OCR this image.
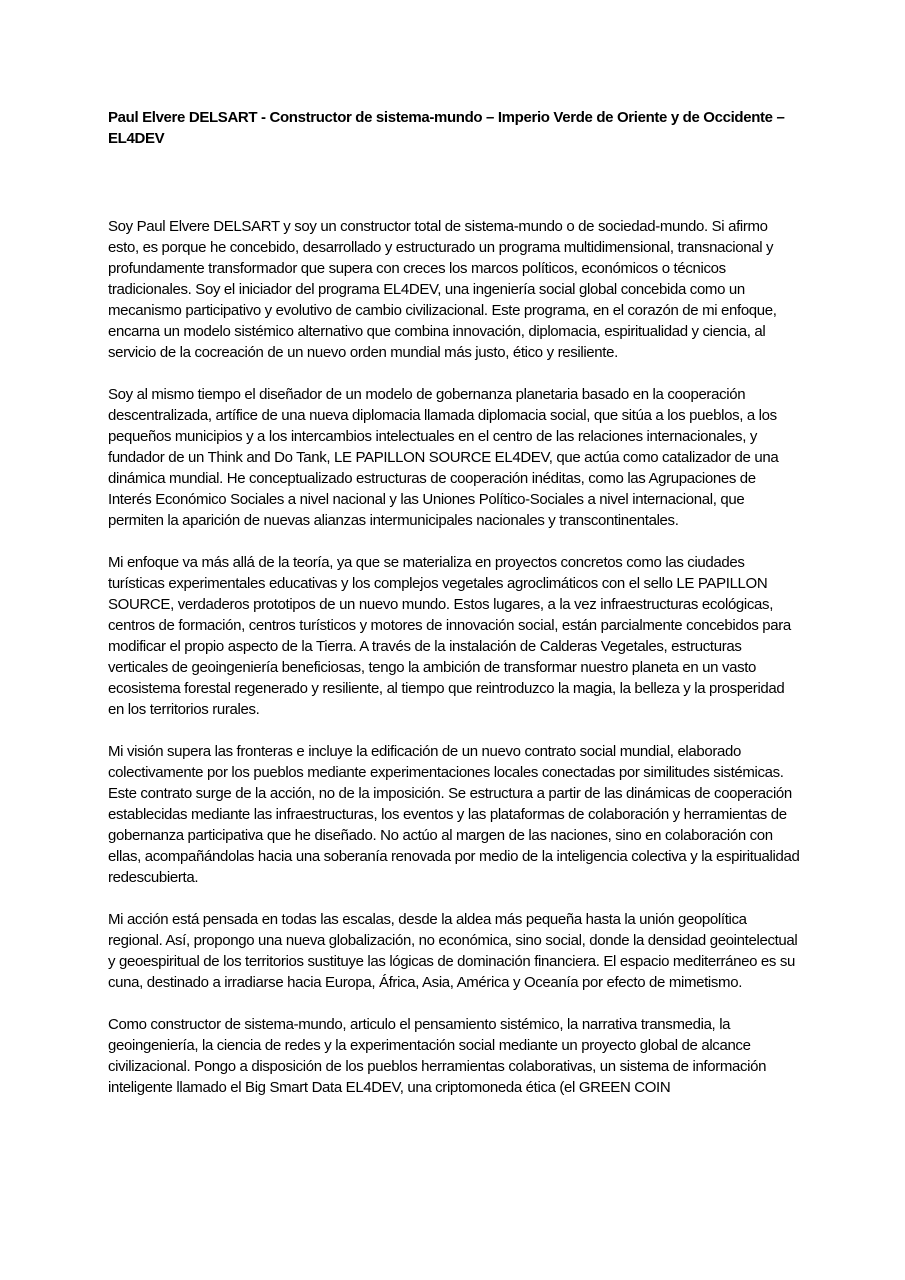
Paul Elvere DELSART - Constructor de sistema-mundo – Imperio Verde de Oriente y de Occidente – EL4DEV

Soy Paul Elvere DELSART y soy un constructor total de sistema-mundo o de sociedad-mundo. Si afirmo esto, es porque he concebido, desarrollado y estructurado un programa multidimensional, transnacional y profundamente transformador que supera con creces los marcos políticos, económicos o técnicos tradicionales. Soy el iniciador del programa EL4DEV, una ingeniería social global concebida como un mecanismo participativo y evolutivo de cambio civilizacional. Este programa, en el corazón de mi enfoque, encarna un modelo sistémico alternativo que combina innovación, diplomacia, espiritualidad y ciencia, al servicio de la cocreación de un nuevo orden mundial más justo, ético y resiliente.

Soy al mismo tiempo el diseñador de un modelo de gobernanza planetaria basado en la cooperación descentralizada, artífice de una nueva diplomacia llamada diplomacia social, que sitúa a los pueblos, a los pequeños municipios y a los intercambios intelectuales en el centro de las relaciones internacionales, y fundador de un Think and Do Tank, LE PAPILLON SOURCE EL4DEV, que actúa como catalizador de una dinámica mundial. He conceptualizado estructuras de cooperación inéditas, como las Agrupaciones de Interés Económico Sociales a nivel nacional y las Uniones Político-Sociales a nivel internacional, que permiten la aparición de nuevas alianzas intermunicipales nacionales y transcontinentales.

Mi enfoque va más allá de la teoría, ya que se materializa en proyectos concretos como las ciudades turísticas experimentales educativas y los complejos vegetales agroclimáticos con el sello LE PAPILLON SOURCE, verdaderos prototipos de un nuevo mundo. Estos lugares, a la vez infraestructuras ecológicas, centros de formación, centros turísticos y motores de innovación social, están parcialmente concebidos para modificar el propio aspecto de la Tierra. A través de la instalación de Calderas Vegetales, estructuras verticales de geoingeniería beneficiosas, tengo la ambición de transformar nuestro planeta en un vasto ecosistema forestal regenerado y resiliente, al tiempo que reintroduzco la magia, la belleza y la prosperidad en los territorios rurales.

Mi visión supera las fronteras e incluye la edificación de un nuevo contrato social mundial, elaborado colectivamente por los pueblos mediante experimentaciones locales conectadas por similitudes sistémicas. Este contrato surge de la acción, no de la imposición. Se estructura a partir de las dinámicas de cooperación establecidas mediante las infraestructuras, los eventos y las plataformas de colaboración y herramientas de gobernanza participativa que he diseñado. No actúo al margen de las naciones, sino en colaboración con ellas, acompañándolas hacia una soberanía renovada por medio de la inteligencia colectiva y la espiritualidad redescubierta.

Mi acción está pensada en todas las escalas, desde la aldea más pequeña hasta la unión geopolítica regional. Así, propongo una nueva globalización, no económica, sino social, donde la densidad geointelectual y geoespiritual de los territorios sustituye las lógicas de dominación financiera. El espacio mediterráneo es su cuna, destinado a irradiarse hacia Europa, África, Asia, América y Oceanía por efecto de mimetismo.

Como constructor de sistema-mundo, articulo el pensamiento sistémico, la narrativa transmedia, la geoingeniería, la ciencia de redes y la experimentación social mediante un proyecto global de alcance civilizacional. Pongo a disposición de los pueblos herramientas colaborativas, un sistema de información inteligente llamado el Big Smart Data EL4DEV, una criptomoneda ética (el GREEN COIN
